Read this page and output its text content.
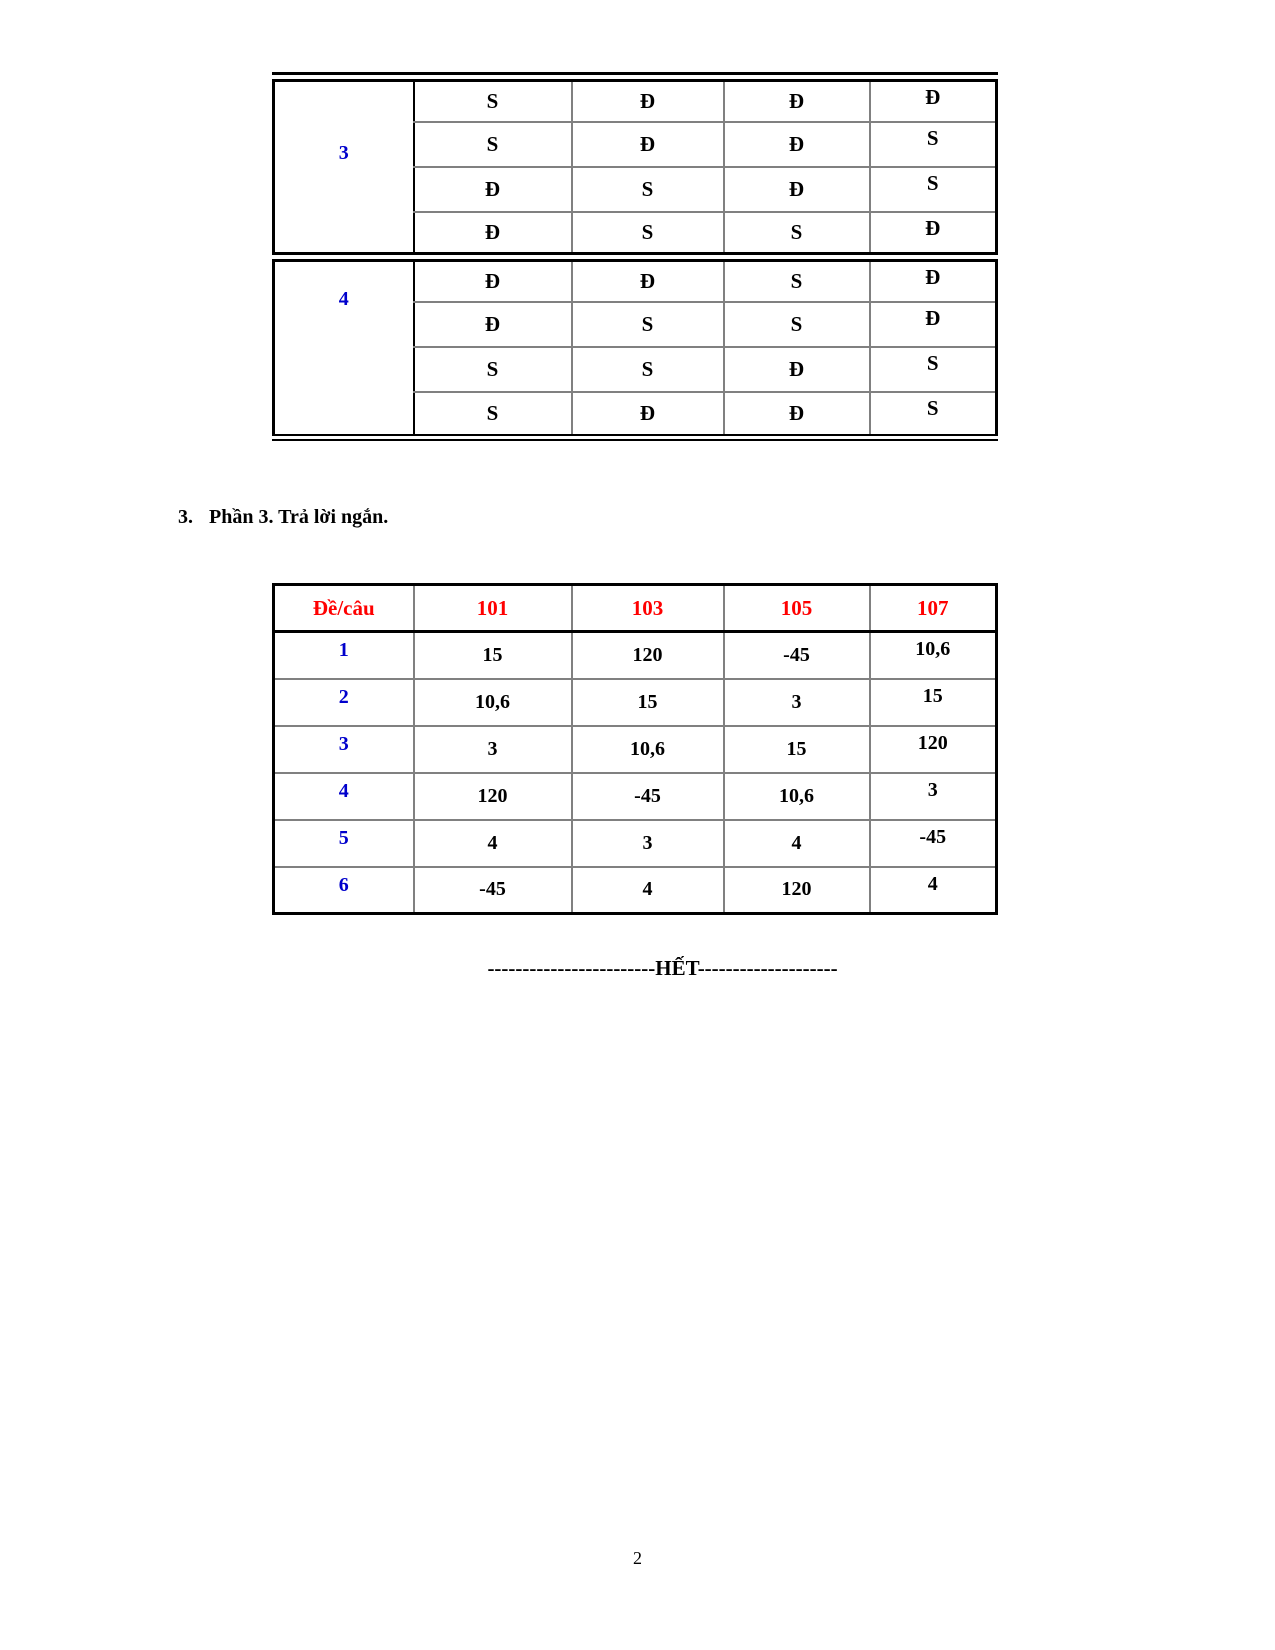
3	S	Đ	Đ	Đ
	S	Đ	Đ	S
	Đ	S	Đ	S
	Đ	S	S	Đ
4	Đ	Đ	S	Đ
	Đ	S	S	Đ
	S	S	Đ	S
	S	Đ	Đ	S
3. Phần 3. Trả lời ngắn.
Đề/câu	101	103	105	107
1	15	120	-45	10,6
2	10,6	15	3	15
3	3	10,6	15	120
4	120	-45	10,6	3
5	4	3	4	-45
6	-45	4	120	4
------------------------HẾT--------------------
2
